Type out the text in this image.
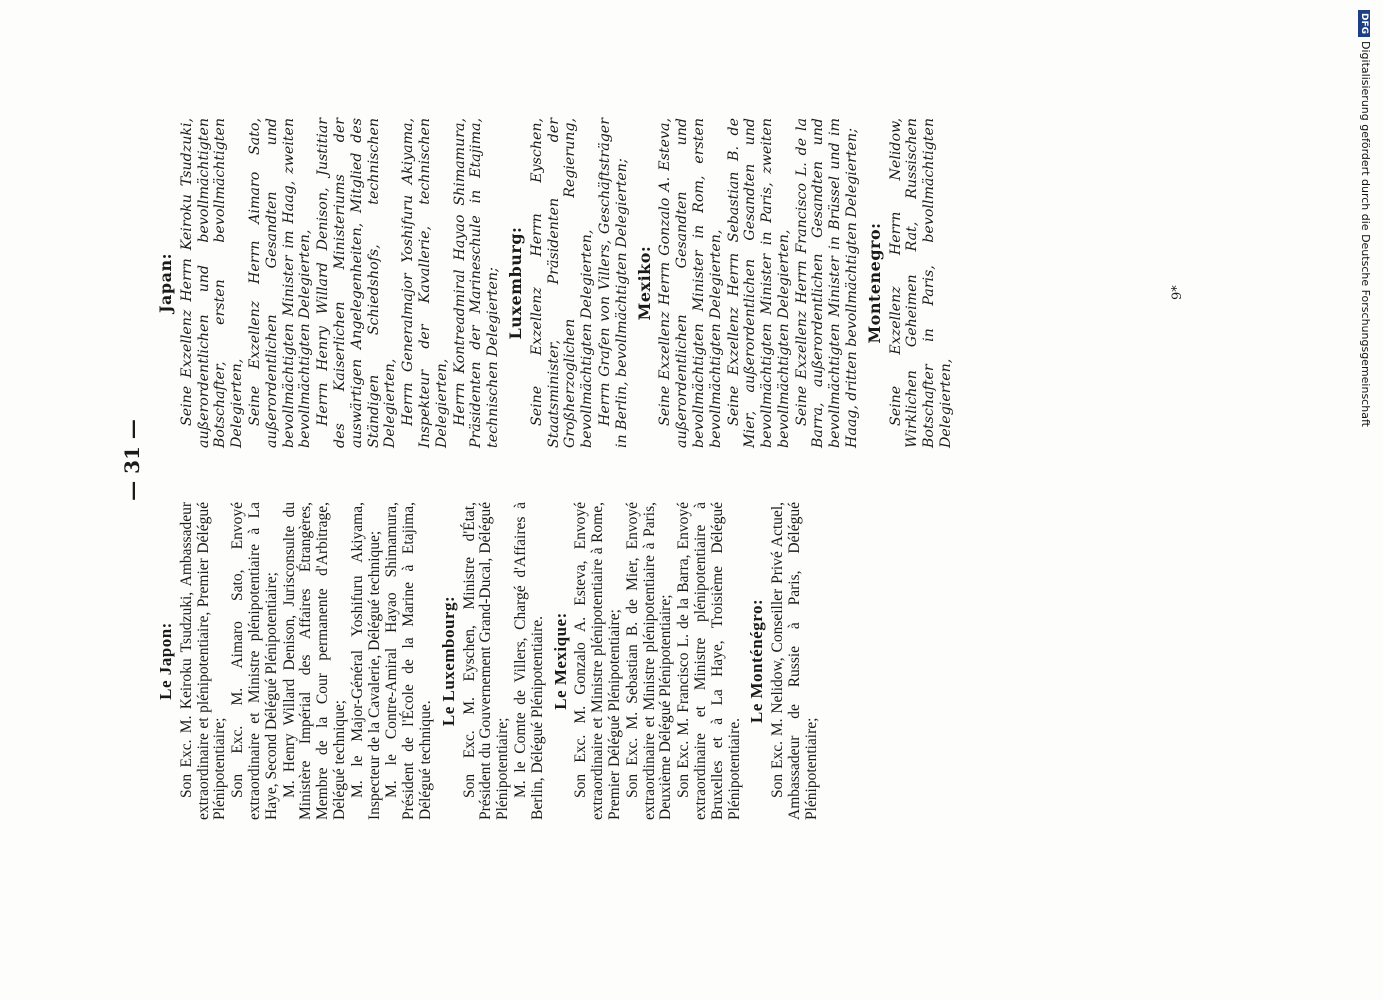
— 31 —
Le Japon: Son Exc. M. Keiroku Tsudzuki, Ambassadeur extraordinaire et plénipotentiaire, Premier Délégué Plénipotentiaire; Son Exc. M. Aimaro Sato, Envoyé extraordinaire et Ministre plénipotentiaire à La Haye, Second Délégué Plénipotentiaire; M. Henry Willard Denison, Jurisconsulte du Ministère Impérial des Affaires Étrangères, Membre de la Cour permanente d'Arbitrage, Délégué technique; M. le Major-Général Yoshifuru Akiyama, Inspecteur de la Cavalerie, Délégué technique; M. le Contre-Amiral Hayao Shimamura, Président de l'École de la Marine à Etajima, Délégué technique.

Le Luxembourg: Son Exc. M. Eyschen, Ministre d'État, Président du Gouvernement Grand-Ducal, Délégué Plénipotentiaire; M. le Comte de Villers, Chargé d'Affaires à Berlin, Délégué Plénipotentiaire. Le Mexique: Son Exc. M. Gonzalo A. Esteva, Envoyé extraordinaire et Ministre plénipotentiaire à Rome, Premier Délégué Plénipotentiaire; Son Exc. M. Sebastian B. de Mier, Envoyé extraordinaire et Ministre plénipotentiaire à Paris, Deuxième Délégué Plénipotentiaire; Son Exc. M. Francisco L. de la Barra, Envoyé extraordinaire et Ministre plénipotentiaire à Bruxelles et à La Haye, Troisième Délégué Plénipotentiaire.

Le Monténégro: Son Exc. M. Nelidow, Conseiller Privé Actuel, Ambassadeur de Russie à Paris, Délégué Plénipotentiaire;

Japan: Seine Exzellenz Herrn Keiroku Tsudzuki, außerordentlichen und bevollmächtigten Botschafter, ersten bevollmächtigten Delegierten, Seine Exzellenz Herrn Aimaro Sato, außerordentlichen Gesandten und bevollmächtigten Minister im Haag, zweiten bevollmächtigten Delegierten, Herrn Henry Willard Denison, Justitiar des Kaiserlichen Ministeriums der auswärtigen Angelegenheiten, Mitglied des Ständigen Schiedshofs, technischen Delegierten, Herrn Generalmajor Yoshifuru Akiyama, Inspekteur der Kavallerie, technischen Delegierten, Herrn Kontreadmiral Hayao Shimamura, Präsidenten der Marineschule in Etajima, technischen Delegierten; Luxemburg: Seine Exzellenz Herrn Eyschen, Staatsminister, Präsidenten der Großherzoglichen Regierung, bevollmächtigten Delegierten, Herrn Grafen von Villers, Geschäftsträger in Berlin, bevollmächtigten Delegierten; Mexiko: Seine Exzellenz Herrn Gonzalo A. Esteva, außerordentlichen Gesandten und bevollmächtigten Minister in Rom, ersten bevollmächtigten Delegierten, Seine Exzellenz Herrn Sebastian B. de Mier, außerordentlichen Gesandten und bevollmächtigten Minister in Paris, zweiten bevollmächtigten Delegierten, Seine Exzellenz Herrn Francisco L. de la Barra, außerordentlichen Gesandten und bevollmächtigten Minister in Brüssel und im Haag, dritten bevollmächtigten Delegierten; Montenegro: Seine Exzellenz Herrn Nelidow, Wirklichen Geheimen Rat, Russischen Botschafter in Paris, bevollmächtigten Delegierten,

9*
DFGDigitalisierung gefördert durch die Deutsche Forschungsgemeinschaft
